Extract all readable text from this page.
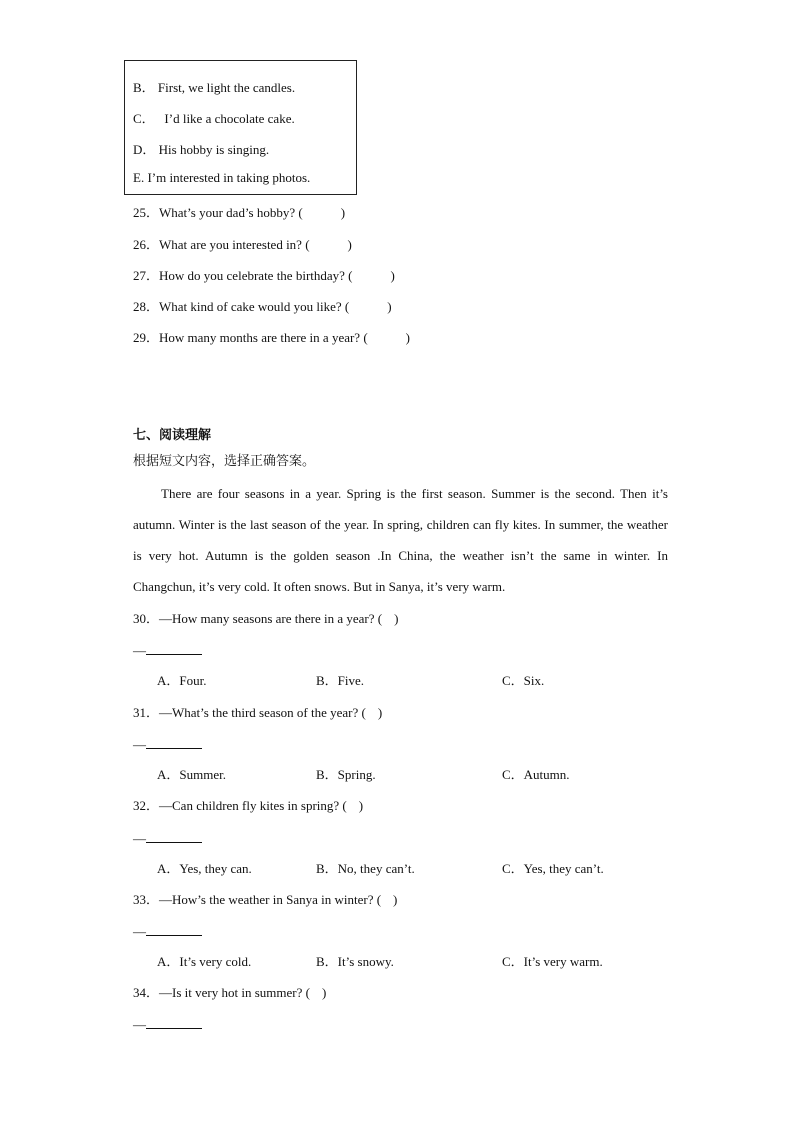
B． First, we light the candles.
C． I’d like a chocolate cake.
D． His hobby is singing.
E. I’m interested in taking photos.
25．What’s your dad’s hobby? (	)
26．What are you interested in? (	)
27．How do you celebrate the birthday? (	)
28．What kind of cake would you like? (	)
29．How many months are there in a year? (	)
七、阅读理解
根据短文内容，选择正确答案。
There are four seasons in a year. Spring is the first season. Summer is the second. Then it’s autumn. Winter is the last season of the year. In spring, children can fly kites. In summer, the weather is very hot. Autumn is the golden season .In China, the weather isn’t the same in winter. In Changchun, it’s very cold. It often snows. But in Sanya, it’s very warm.
30．—How many seasons are there in a year? ( )
—
A．Four.	B．Five.	C．Six.
31．—What’s the third season of the year? ( )
—
A．Summer.	B．Spring.	C．Autumn.
32．—Can children fly kites in spring? ( )
—
A．Yes, they can.	B．No, they can’t.	C．Yes, they can’t.
33．—How’s the weather in Sanya in winter? ( )
—
A．It’s very cold.	B．It’s snowy.	C．It’s very warm.
34．—Is it very hot in summer? ( )
—
